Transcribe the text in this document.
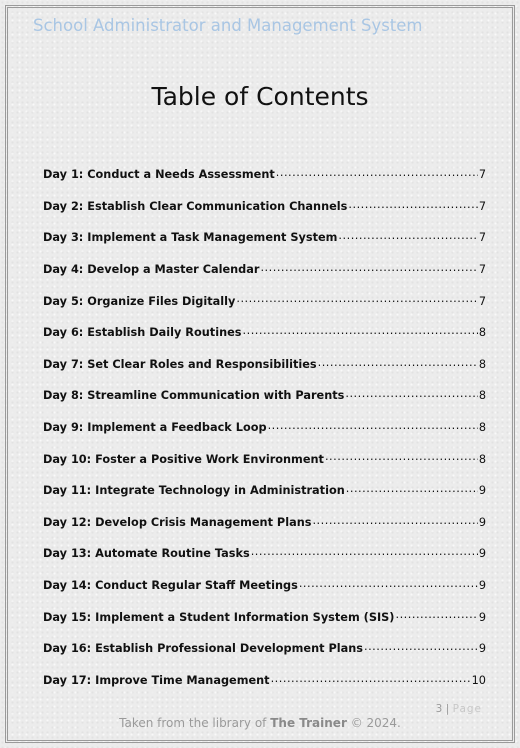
School Administrator and Management System
Table of Contents
Day 1: Conduct a Needs Assessment .....	7
Day 2: Establish Clear Communication Channels .....	7
Day 3: Implement a Task Management System .....	7
Day 4: Develop a Master Calendar .....	7
Day 5: Organize Files Digitally .....	7
Day 6: Establish Daily Routines .....	8
Day 7: Set Clear Roles and Responsibilities .....	8
Day 8: Streamline Communication with Parents .....	8
Day 9: Implement a Feedback Loop .....	8
Day 10: Foster a Positive Work Environment .....	8
Day 11: Integrate Technology in Administration .....	9
Day 12: Develop Crisis Management Plans .....	9
Day 13: Automate Routine Tasks .....	9
Day 14: Conduct Regular Staff Meetings .....	9
Day 15: Implement a Student Information System (SIS) .....	9
Day 16: Establish Professional Development Plans .....	9
Day 17: Improve Time Management .....	10
3 | Page
Taken from the library of The Trainer © 2024.
